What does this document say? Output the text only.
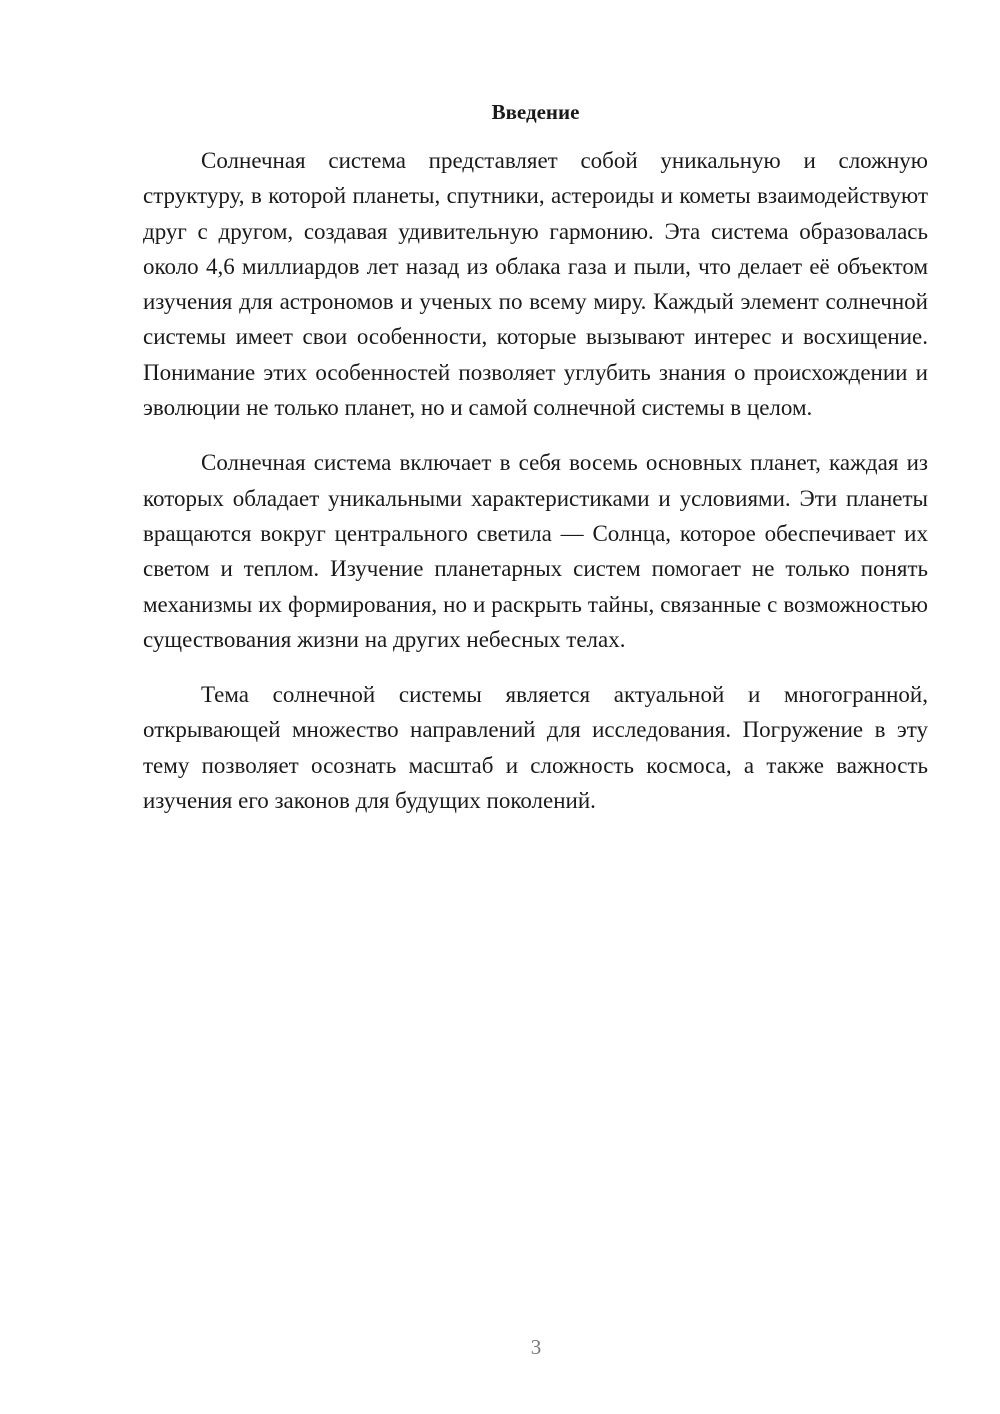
Введение

Солнечная система представляет собой уникальную и сложную структуру, в которой планеты, спутники, астероиды и кометы взаимодействуют друг с другом, создавая удивительную гармонию. Эта система образовалась около 4,6 миллиардов лет назад из облака газа и пыли, что делает её объектом изучения для астрономов и ученых по всему миру. Каждый элемент солнечной системы имеет свои особенности, которые вызывают интерес и восхищение. Понимание этих особенностей позволяет углубить знания о происхождении и эволюции не только планет, но и самой солнечной системы в целом.

Солнечная система включает в себя восемь основных планет, каждая из которых обладает уникальными характеристиками и условиями. Эти планеты вращаются вокруг центрального светила — Солнца, которое обеспечивает их светом и теплом. Изучение планетарных систем помогает не только понять механизмы их формирования, но и раскрыть тайны, связанные с возможностью существования жизни на других небесных телах.

Тема солнечной системы является актуальной и многогранной, открывающей множество направлений для исследования. Погружение в эту тему позволяет осознать масштаб и сложность космоса, а также важность изучения его законов для будущих поколений.

3
